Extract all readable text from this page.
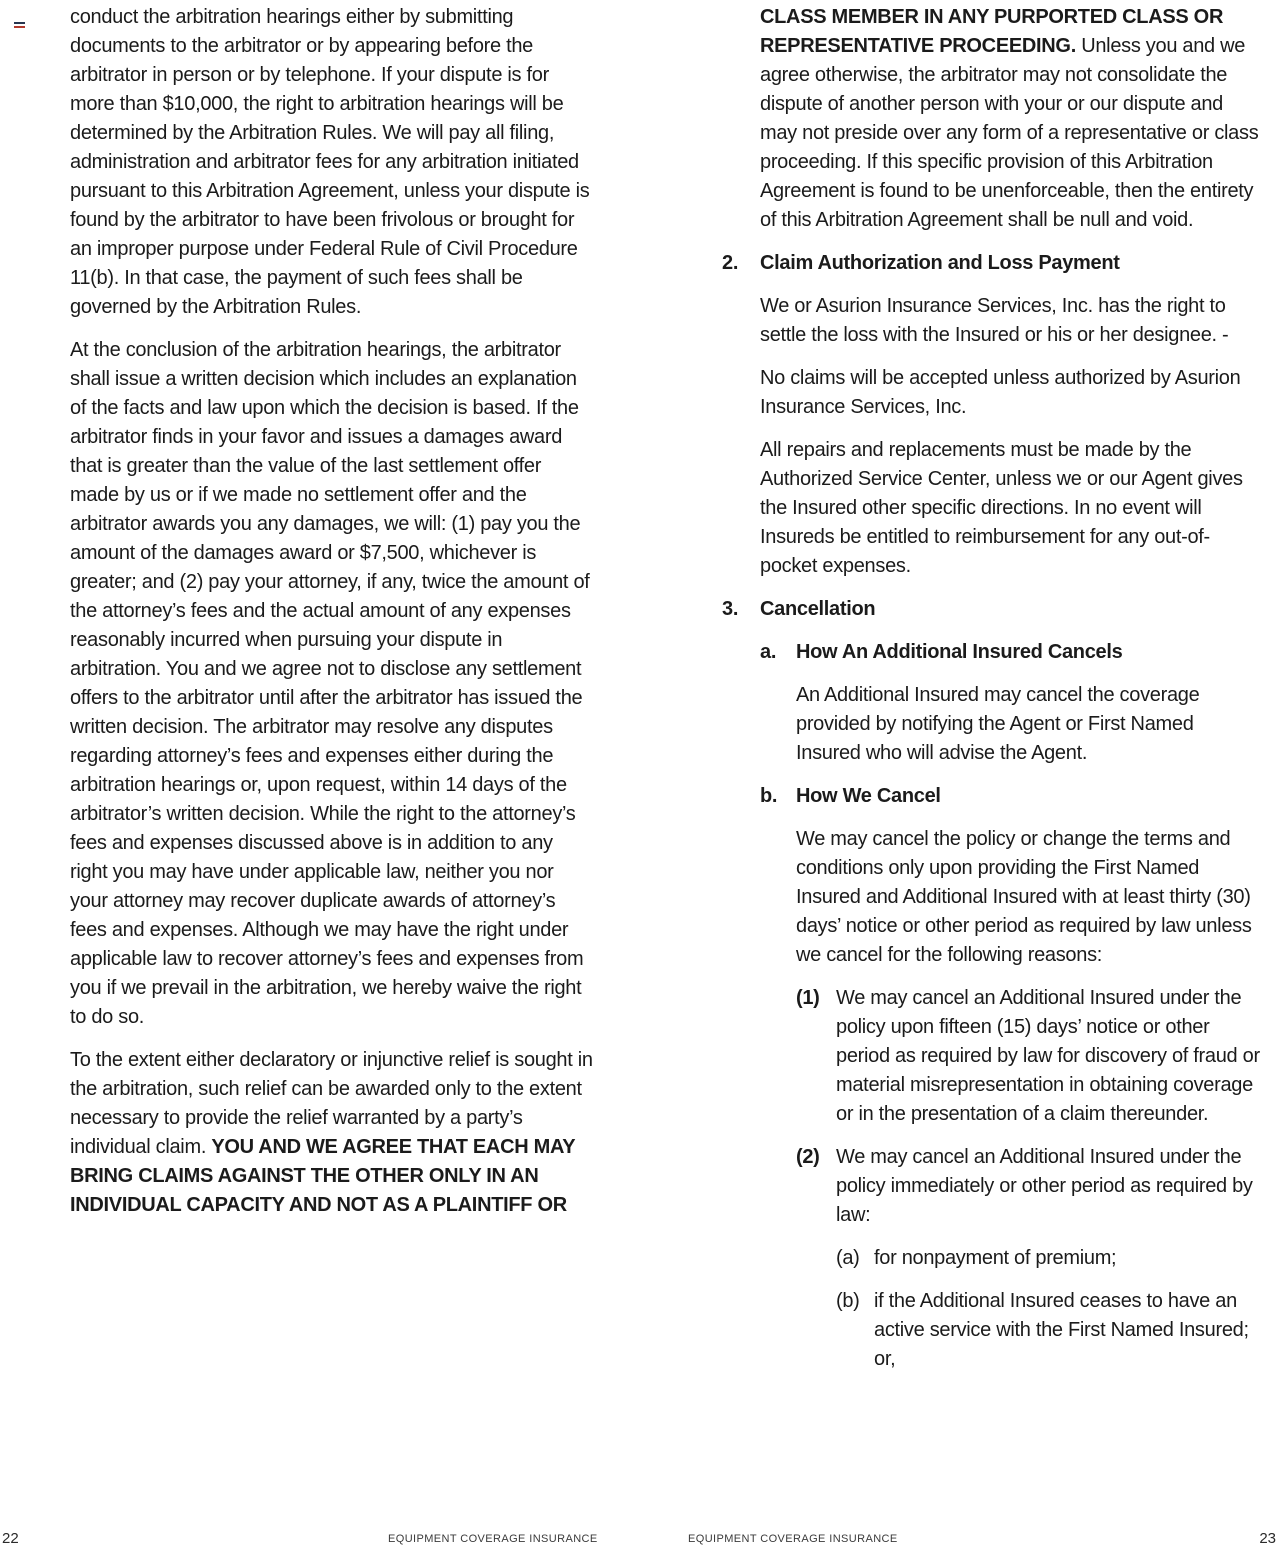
conduct the arbitration hearings either by submitting documents to the arbitrator or by appearing before the arbitrator in person or by telephone. If your dispute is for more than $10,000, the right to arbitration hearings will be determined by the Arbitration Rules. We will pay all filing, administration and arbitrator fees for any arbitration initiated pursuant to this Arbitration Agreement, unless your dispute is found by the arbitrator to have been frivolous or brought for an improper purpose under Federal Rule of Civil Procedure 11(b). In that case, the payment of such fees shall be governed by the Arbitration Rules.

At the conclusion of the arbitration hearings, the arbitrator shall issue a written decision which includes an explanation of the facts and law upon which the decision is based. If the arbitrator finds in your favor and issues a damages award that is greater than the value of the last settlement offer made by us or if we made no settlement offer and the arbitrator awards you any damages, we will: (1) pay you the amount of the damages award or $7,500, whichever is greater; and (2) pay your attorney, if any, twice the amount of the attorney’s fees and the actual amount of any expenses reasonably incurred when pursuing your dispute in arbitration. You and we agree not to disclose any settlement offers to the arbitrator until after the arbitrator has issued the written decision. The arbitrator may resolve any disputes regarding attorney’s fees and expenses either during the arbitration hearings or, upon request, within 14 days of the arbitrator’s written decision. While the right to the attorney’s fees and expenses discussed above is in addition to any right you may have under applicable law, neither you nor your attorney may recover duplicate awards of attorney’s fees and expenses. Although we may have the right under applicable law to recover attorney’s fees and expenses from you if we prevail in the arbitration, we hereby waive the right to do so.

To the extent either declaratory or injunctive relief is sought in the arbitration, such relief can be awarded only to the extent necessary to provide the relief warranted by a party’s individual claim. YOU AND WE AGREE THAT EACH MAY BRING CLAIMS AGAINST THE OTHER ONLY IN AN INDIVIDUAL CAPACITY AND NOT AS A PLAINTIFF OR

CLASS MEMBER IN ANY PURPORTED CLASS OR REPRESENTATIVE PROCEEDING. Unless you and we agree otherwise, the arbitrator may not consolidate the dispute of another person with your or our dispute and may not preside over any form of a representative or class proceeding. If this specific provision of this Arbitration Agreement is found to be unenforceable, then the entirety of this Arbitration Agreement shall be null and void.

2.	Claim Authorization and Loss Payment

We or Asurion Insurance Services, Inc. has the right to settle the loss with the Insured or his or her designee. -

No claims will be accepted unless authorized by Asurion Insurance Services, Inc.

All repairs and replacements must be made by the Authorized Service Center, unless we or our Agent gives the Insured other specific directions. In no event will Insureds be entitled to reimbursement for any out-of-pocket expenses.

3.	Cancellation
a. How An Additional Insured Cancels

An Additional Insured may cancel the coverage provided by notifying the Agent or First Named Insured who will advise the Agent.

b. How We Cancel

We may cancel the policy or change the terms and conditions only upon providing the First Named Insured and Additional Insured with at least thirty (30) days’ notice or other period as required by law unless we cancel for the following reasons:

(1) We may cancel an Additional Insured under the policy upon fifteen (15) days’ notice or other period as required by law for discovery of fraud or material misrepresentation in obtaining coverage or in the presentation of a claim thereunder.

(2) We may cancel an Additional Insured under the policy immediately or other period as required by law:

(a) for nonpayment of premium;
(b) if the Additional Insured ceases to have an active service with the First Named Insured; or,
22	EQUIPMENT COVERAGE INSURANCE	EQUIPMENT COVERAGE INSURANCE	23
